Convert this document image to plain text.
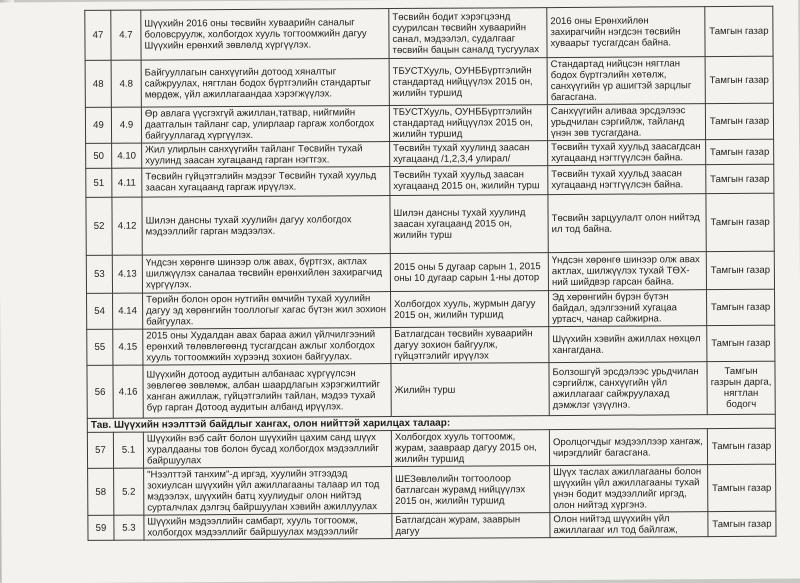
47	4.7	Шүүхийн 2016 оны төсвийн хуваарийн саналыг боловсруулж, холбогдох хууль тогтоомжийн дагуу Шүүхийн ерөнхий зөвлөлд хүргүүлэх.	Төсвийн бодит хэрэгцээнд суурилсан төсвийн хуваарийн санал, мэдээлэл, судалгааг төсвийн бацын саналд тусгуулах	2016 оны Ерөнхийлөн захирагчийн нэгдсэн төсвийн хуваарьт тусгагдсан байна.	Тамгын газар
48	4.8	Байгууллагын санхүүгийн дотоод хяналтыг сайжруулах, нягтлан бодох бүртгэлийн стандартыг мөрдөж, үйл ажиллагаандаа хэрэгжүүлэх.	ТБУСТХууль, ОУНББүртгэлийн стандартад нийцүүлэх 2015 он, жилийн туршид	Стандартад нийцсэн нягтлан бодох бүртгэлийн хөтөлж, санхүүгийн үр ашигтэй зарцлыг багасгана.	Тамгын газар
49	4.9	Өр авлага үүсгэхгүй ажиллан,татвар, нийгмийн даатгалын тайланг сар, улирлаар гаргаж холбогдох байгууллагад хүргүүлэх.	ТБУСТХууль, ОУНББүртгэлийн стандартад нийцүүлэх 2015 он, жилийн туршид	Санхүүгийн аливаа эрсдэлээс урьдчилан сэргийлж, тайланд үнэн зөв тусгагдана.	Тамгын газар
50	4.10	Жил улирлын санхүүгийн тайланг Төсвийн тухай хуулинд заасан хугацаанд гарган нэгтгэх.	Төсвийн тухай хуулинд заасан хугацаанд /1,2,3,4 улирал/	Төсвийн тухай хуульд заасагдсан хугацаанд нэгтгүүлсэн байна.	Тамгын газар
51	4.11	Төсвийн гүйцэтгэлийн мэдээг Төсвийн тухай хуульд заасан хугацаанд гаргаж ирүүлэх.	Төсвийн тухай хуульд заасан хугацаанд 2015 он, жилийн турш	Төсвийн тухай хуульд заасан хугацаанд нэгтгүүлсэн байна.	Тамгын газар
52	4.12	Шилэн дансны тухай хуулийн дагуу холбогдох мэдээллийг гарган мэдээлэх.	Шилэн дансны тухай хуулинд заасан хугацаанд 2015 он, жилийн турш	Төсвийн зарцуулалт олон нийтэд ил тод байна.	Тамгын газар
53	4.13	Үндсэн хөрөнгө шинээр олж авах, бүртгэх, актлах шилжүүлэх саналаа төсвийн ерөнхийлөн захирагчид хүргүүлэх.	2015 оны 5 дугаар сарын 1, 2015 оны 10 дугаар сарын 1-ны дотор	Үндсэн хөрөнгө шинээр олж авах актлах, шилжүүлэх тухай ТӨХ-ний шийдвэр гарсан байна.	Тамгын газар
54	4.14	Төрийн болон орон нутгийн өмчийн тухай хуулийн дагуу эд хөрөнгийн тооллогыг хагас бүтэн жил зохион байгуулах.	Холбогдох хууль, журмын дагуу 2015 он, жилийн туршид	Эд хөрөнгийн бүрэн бүтэн байдал, эдэлгээний хугацаа уртасч, чанар сайжирна.	Тамгын газар
55	4.15	2015 оны Худалдан авах бараа ажил үйлчилгээний ерөнхий төлөвлөгөөнд тусгагдсан ажлыг холбогдох хууль тогтоомжийн хүрээнд зохион байгуулах.	Батлагдсан төсвийн хуваарийн дагуу зохион байгуулж, гүйцэтгэлийг ирүүлэх	Шүүхийн хэвийн ажиллах нөхцөл хангагдана.	Тамгын газар
56	4.16	Шүүхийн дотоод аудитын албанаас хүргүүлсэн зөвлөгөө зөвлөмж, албан шаардлагын хэрэгжилтийг ханган ажиллаж, гүйцэтгэлийн тайлан, мэдээ тухай бүр гарган Дотоод аудитын албанд ирүүлэх.	Жилийн турш	Болзошгүй эрсдэлээс урьдчилан сэргийлж, санхүүгийн үйл ажиллагааг сайжруулахад дэмжлэг үзүүлнэ.	Тамгын газрын дарга, нягтлан бодогч
Тав. Шүүхийн нээлттэй байдлыг хангах, олон нийттэй харилцах талаар:					
57	5.1	Шүүхийн вэб сайт болон шүүхийн цахим санд шүүх хуралдааны тов болон бусад холбогдох мэдээллийг байршуулах	Холбогдох хууль тогтоомж, журам, заавраар дагуу 2015 он, жилийн туршид	Оролцогчдыг мэдээллээр хангаж, чирэгдлийг багасгана.	Тамгын газар
58	5.2	"Нээлттэй танхим"-д иргэд, хуулийн этгээдэд зохиулсан шүүхийн үйл ажиллагааны талаар ил тод мэдээлэх, шүүхийн батц хуулиудыг олон нийтэд сурталчлах дэлгэц байршуулан хэвийн ажиллуулах	ШЕЗөвлөлийн тогтоолоор батлагсан журамд нийцүүлэх 2015 он, жилийн туршид	Шүүх таслах ажиллагааны болон шүүхийн үйл ажиллагааны тухай үнэн бодит мэдээллийг иргэд, олон нийтэд хүргэнэ.	Тамгын газар
59	5.3	Шүүхийн мэдээллийн самбарт, хууль тогтоомж, холбогдох мэдээллийг байршуулах мэдээллийг	Батлагдсан журам, зааврын дагуу	Олон нийтэд шүүхийн үйл ажиллагааг ил тод байлгаж,	Тамгын газар
